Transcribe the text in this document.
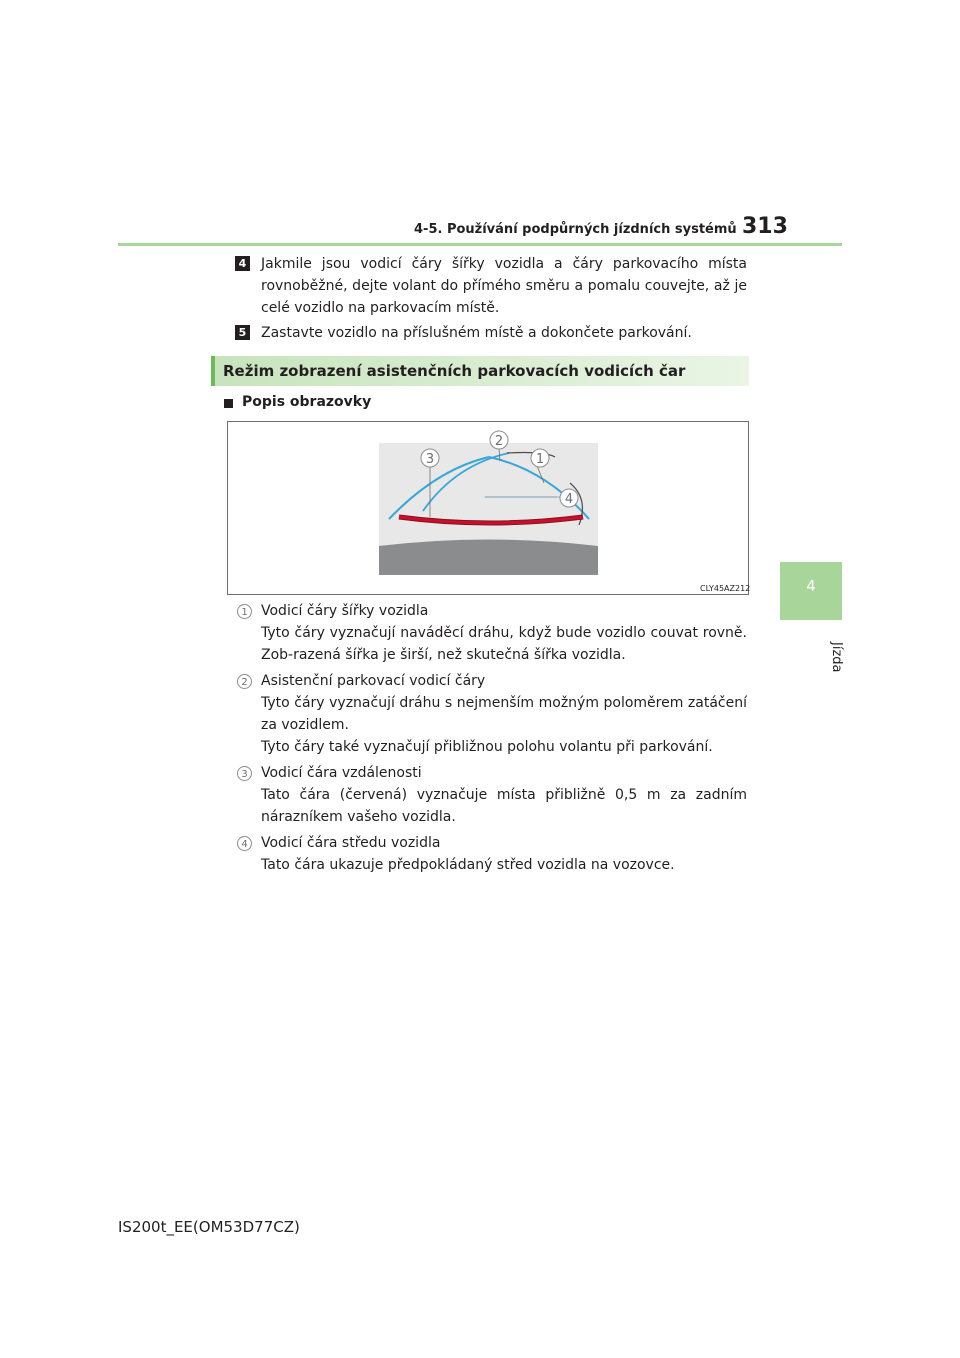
4-5. Používání podpůrných jízdních systémů 313
4
Jízda
4 Jakmile jsou vodicí čáry šířky vozidla a čáry parkovacího místa rovnoběžné, dejte volant do přímého směru a pomalu couvejte, až je celé vozidlo na parkovacím místě.
5 Zastavte vozidlo na příslušném místě a dokončete parkování.
Režim zobrazení asistenčních parkovacích vodicích čar
Popis obrazovky
2
3	1
4
CLY45AZ212
1 Vodicí čáry šířky vozidla
Tyto čáry vyznačují naváděcí dráhu, když bude vozidlo couvat rovně. Zob-razená šířka je širší, než skutečná šířka vozidla.
2 Asistenční parkovací vodicí čáry
Tyto čáry vyznačují dráhu s nejmenším možným poloměrem zatáčení za vozidlem.
Tyto čáry také vyznačují přibližnou polohu volantu při parkování.
3 Vodicí čára vzdálenosti
Tato čára (červená) vyznačuje místa přibližně 0,5 m za zadním nárazníkem vašeho vozidla.
4 Vodicí čára středu vozidla
Tato čára ukazuje předpokládaný střed vozidla na vozovce.
IS200t_EE(OM53D77CZ)
